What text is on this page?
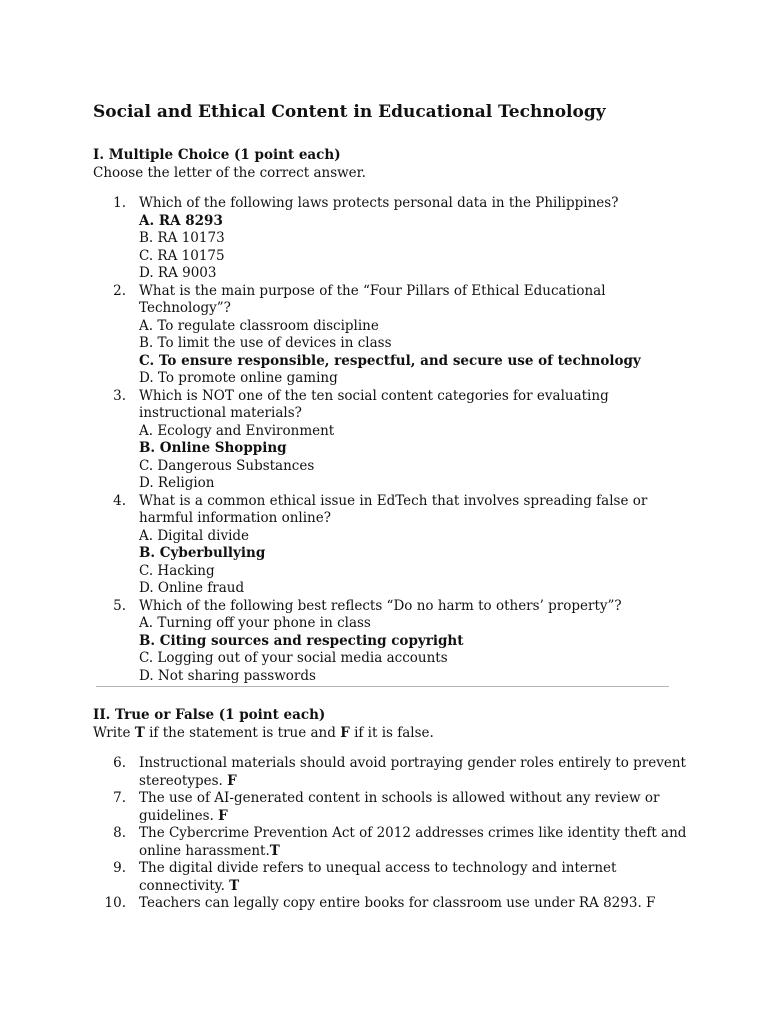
Social and Ethical Content in Educational Technology

I. Multiple Choice (1 point each)

Choose the letter of the correct answer.

1. Which of the following laws protects personal data in the Philippines?
A. RA 8293
B. RA 10173
C. RA 10175
D. RA 9003
2. What is the main purpose of the “Four Pillars of Ethical Educational Technology”?
A. To regulate classroom discipline
B. To limit the use of devices in class
C. To ensure responsible, respectful, and secure use of technology
D. To promote online gaming
3. Which is NOT one of the ten social content categories for evaluating instructional materials?
A. Ecology and Environment
B. Online Shopping
C. Dangerous Substances
D. Religion
4. What is a common ethical issue in EdTech that involves spreading false or harmful information online?
A. Digital divide
B. Cyberbullying
C. Hacking
D. Online fraud
5. Which of the following best reflects “Do no harm to others’ property”?
A. Turning off your phone in class
B. Citing sources and respecting copyright
C. Logging out of your social media accounts
D. Not sharing passwords

II. True or False (1 point each)

Write T if the statement is true and F if it is false.

6. Instructional materials should avoid portraying gender roles entirely to prevent
stereotypes. F
7. The use of AI-generated content in schools is allowed without any review or
guidelines. F
8. The Cybercrime Prevention Act of 2012 addresses crimes like identity theft and
online harassment.T
9. The digital divide refers to unequal access to technology and internet connectivity. T
10. Teachers can legally copy entire books for classroom use under RA 8293. F
